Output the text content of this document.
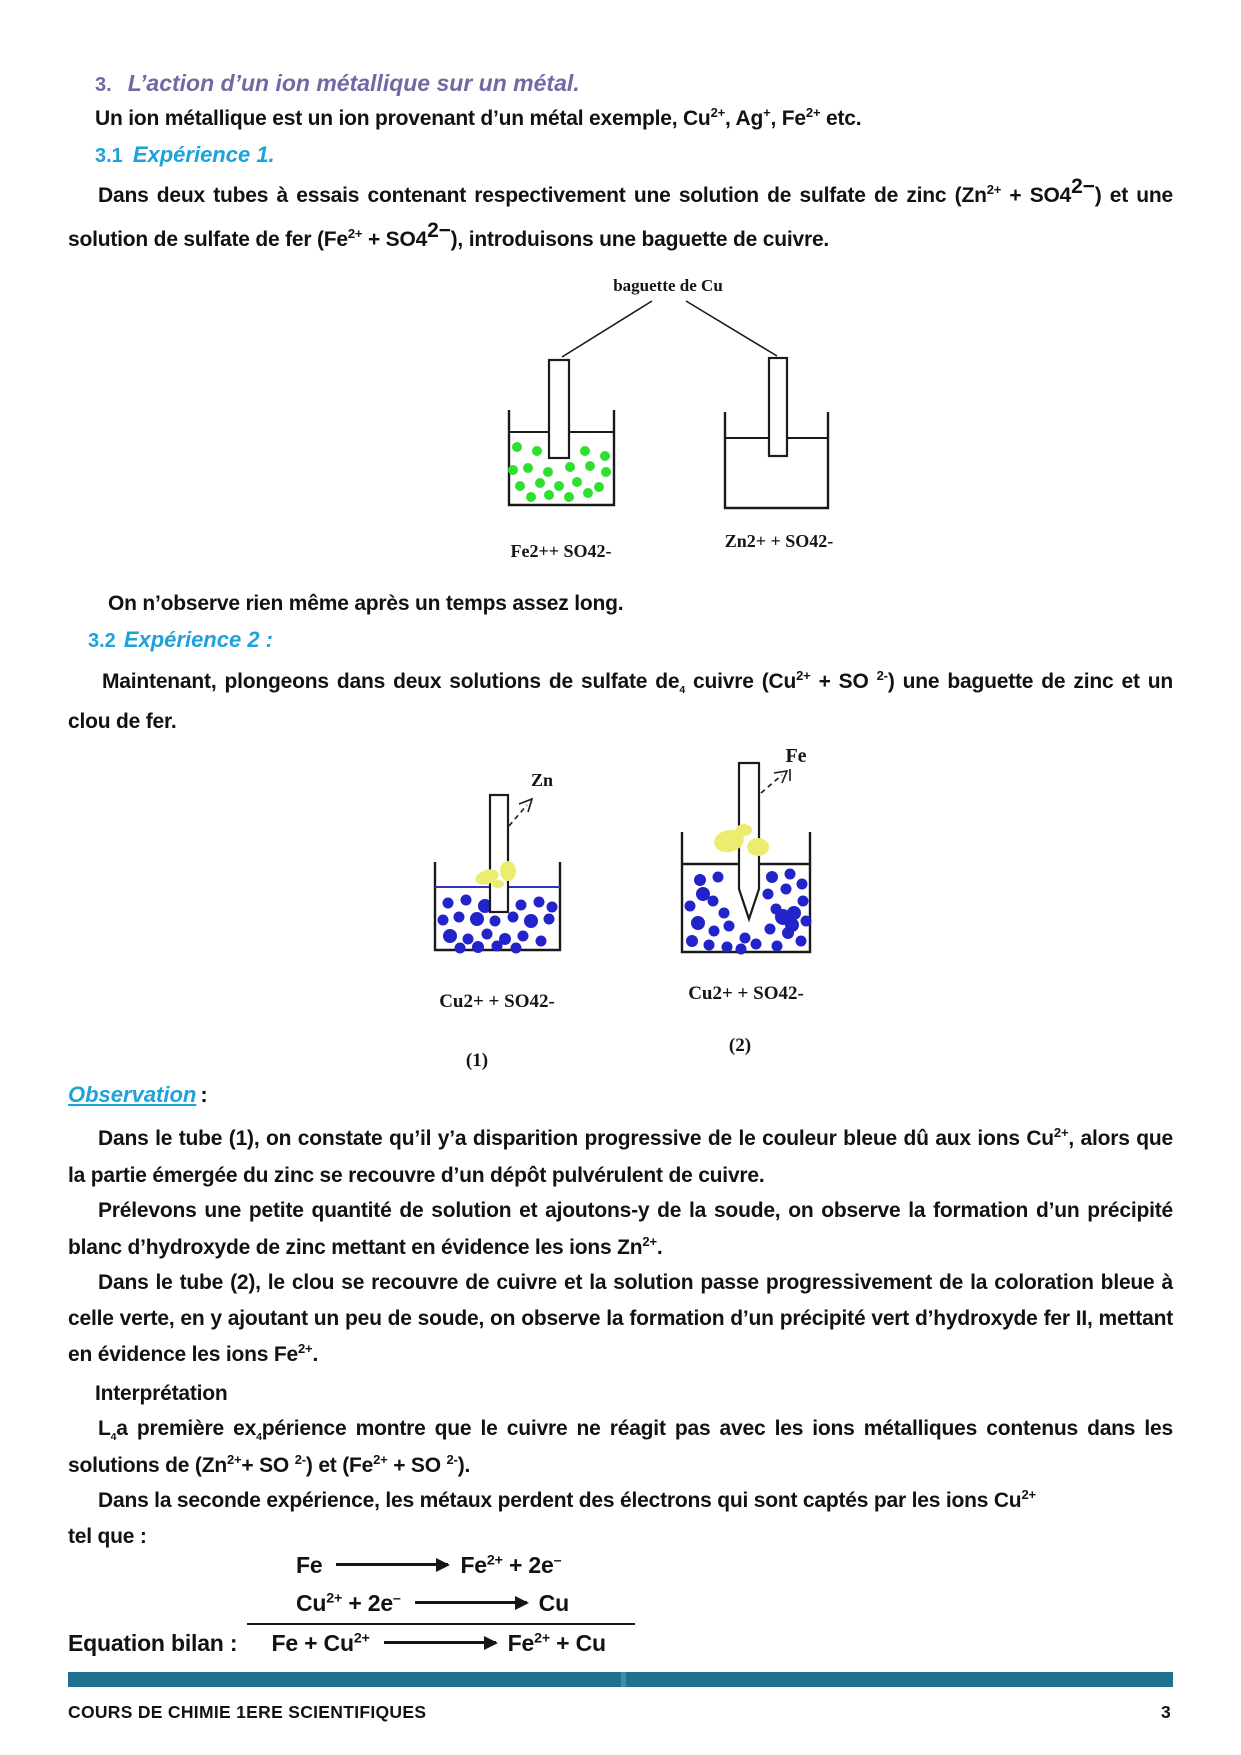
3. L’action d’un ion métallique sur un métal.
Un ion métallique est un ion provenant d’un métal exemple, $Cu^{2+}$, Ag+, $Fe^{2+}$ etc.
3.1 Expérience 1.
Dans deux tubes à essais contenant respectivement une solution de sulfate de zinc $(Zn^{2+} + SO4^{2-})$ et une solution de sulfate de fer $(Fe^{2+} + SO4^{2-})$, introduisons une baguette de cuivre.
baguette de Cu
Fe2++ SO42-	Zn2+ + SO42-
On n’observe rien même après un temps assez long.
3.2 Expérience 2 :
Maintenant, plongeons dans deux solutions de sulfate $de_4$ cuivre ($Cu^{2+}$ + SO $^{2-}$) une baguette de zinc et un clou de fer.
Zn
Cu2+ + SO42-
(1)
Fe
Cu2+ + SO42-
(2)
Observation :
Dans le tube (1), on constate qu’il y’a disparition progressive de le couleur bleue dû aux ions $Cu^{2+}$, alors que la partie émergée du zinc se recouvre d’un dépôt pulvérulent de cuivre.
Prélevons une petite quantité de solution et ajoutons-y de la soude, on observe la formation d’un précipité blanc d’hydroxyde de zinc mettant en évidence les ions $Zn^{2+}$.
Dans le tube (2), le clou se recouvre de cuivre et la solution passe progressivement de la coloration bleue à celle verte, en y ajoutant un peu de soude, on observe la formation d’un précipité vert d’hydroxyde fer II, mettant en évidence les ions $Fe^{2+}$.
Interprétation
$L_4a$ première $ex_4périence$ montre que le cuivre ne réagit pas avec les ions métalliques contenus dans les solutions de ($Zn^{2+}+$ SO $^{2-}$) et ($Fe^{2+}$ + SO $^{2-}$).
Dans la seconde expérience, les métaux perdent des électrons qui sont captés par les ions $Cu^{2+}$
tel que :
Fe	$Fe^{2+} + 2e^-$
$Cu^{2+} + 2e^-$	Cu
Equation bilan : $Fe + Cu^{2+}$	$Fe^{2+} + Cu$
COURS DE CHIMIE 1ERE SCIENTIFIQUES	3
